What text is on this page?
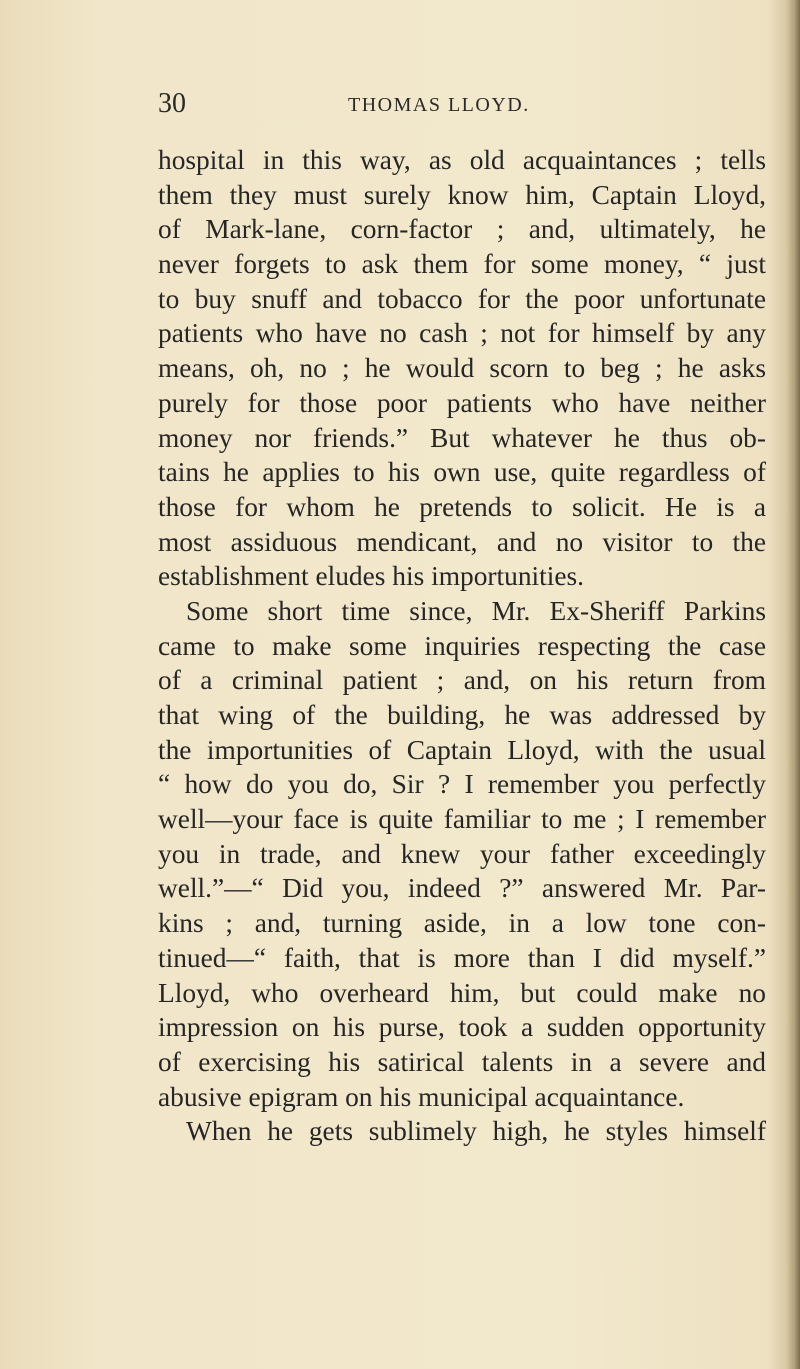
30	THOMAS LLOYD.
hospital in this way, as old acquaintances ; tells
them they must surely know him, Captain Lloyd,
of Mark-lane, corn-factor ; and, ultimately, he
never forgets to ask them for some money, “ just
to buy snuff and tobacco for the poor unfortunate
patients who have no cash ; not for himself by any
means, oh, no ; he would scorn to beg ; he asks
purely for those poor patients who have neither
money nor friends.” But whatever he thus ob-
tains he applies to his own use, quite regardless of
those for whom he pretends to solicit. He is a
most assiduous mendicant, and no visitor to the
establishment eludes his importunities.
Some short time since, Mr. Ex-Sheriff Parkins
came to make some inquiries respecting the case
of a criminal patient ; and, on his return from
that wing of the building, he was addressed by
the importunities of Captain Lloyd, with the usual
“ how do you do, Sir ? I remember you perfectly
well—your face is quite familiar to me ; I remember
you in trade, and knew your father exceedingly
well.”—“ Did you, indeed ?” answered Mr. Par-
kins ; and, turning aside, in a low tone con-
tinued—“ faith, that is more than I did myself.”
Lloyd, who overheard him, but could make no
impression on his purse, took a sudden opportunity
of exercising his satirical talents in a severe and
abusive epigram on his municipal acquaintance.
When he gets sublimely high, he styles himself
